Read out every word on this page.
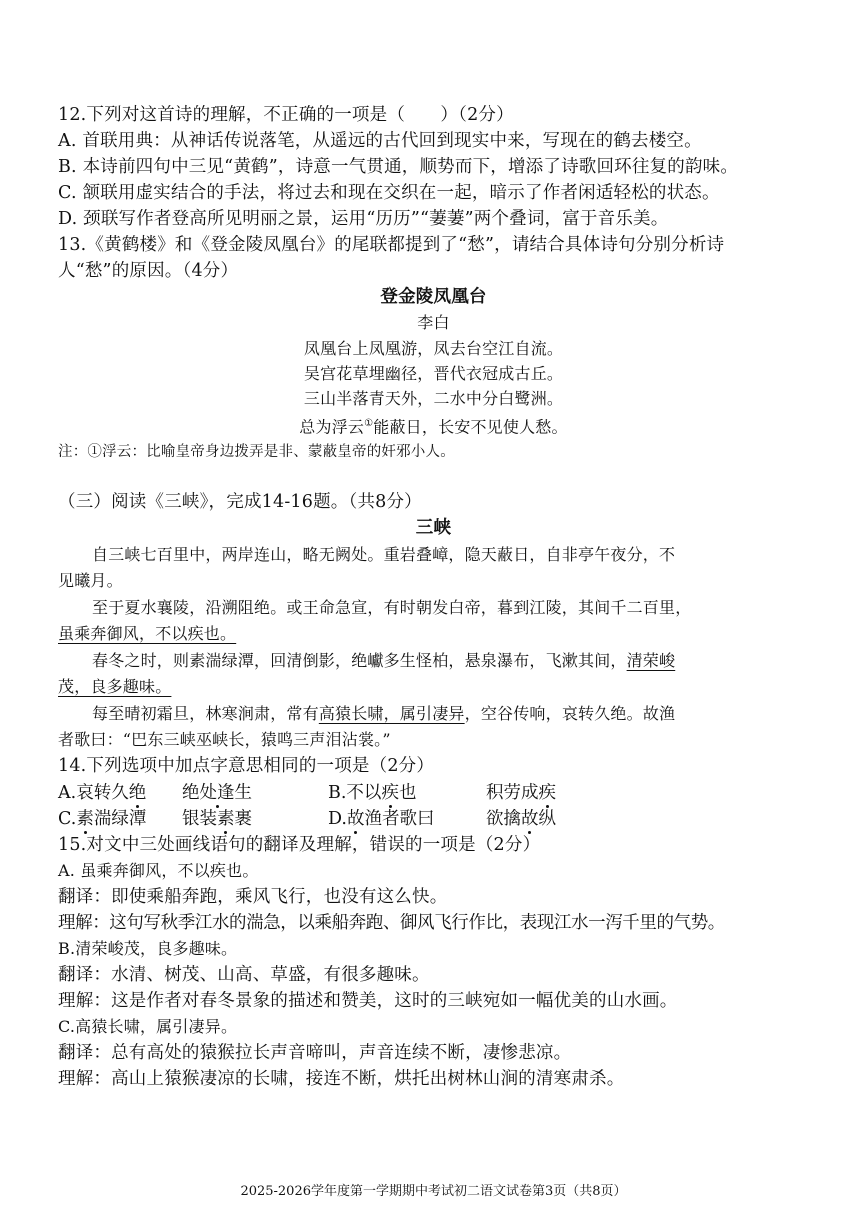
12.下列对这首诗的理解，不正确的一项是（　　）（2分）
A. 首联用典：从神话传说落笔，从遥远的古代回到现实中来，写现在的鹤去楼空。
B. 本诗前四句中三见“黄鹤”，诗意一气贯通，顺势而下，增添了诗歌回环往复的韵味。
C. 颔联用虚实结合的手法，将过去和现在交织在一起，暗示了作者闲适轻松的状态。
D. 颈联写作者登高所见明丽之景，运用“历历”“萋萋”两个叠词，富于音乐美。
13.《黄鹤楼》和《登金陵凤凰台》的尾联都提到了“愁”，请结合具体诗句分别分析诗
人“愁”的原因。（4分）
登金陵凤凰台
李白
凤凰台上凤凰游，凤去台空江自流。
吴宫花草埋幽径，晋代衣冠成古丘。
三山半落青天外，二水中分白鹭洲。
总为浮云①能蔽日，长安不见使人愁。
注：①浮云：比喻皇帝身边拨弄是非、蒙蔽皇帝的奸邪小人。
（三）阅读《三峡》，完成14-16题。（共8分）
三峡
自三峡七百里中，两岸连山，略无阙处。重岩叠嶂，隐天蔽日，自非亭午夜分，不
见曦月。
至于夏水襄陵，沿溯阻绝。或王命急宣，有时朝发白帝，暮到江陵，其间千二百里，
虽乘奔御风，不以疾也。
春冬之时，则素湍绿潭，回清倒影，绝巘多生怪柏，悬泉瀑布，飞漱其间，清荣峻
茂，良多趣味。
每至晴初霜旦，林寒涧肃，常有高猿长啸，属引凄异，空谷传响，哀转久绝。故渔
者歌曰：“巴东三峡巫峡长，猿鸣三声泪沾裳。”
14.下列选项中加点字意思相同的一项是（2分）
A.哀转久绝 绝处逢生	B.不以疾也	积劳成疾
C.素湍绿潭 银装素裹	D.故渔者歌曰	欲擒故纵
15.对文中三处画线语句的翻译及理解，错误的一项是（2分）
A. 虽乘奔御风，不以疾也。
翻译：即使乘船奔跑，乘风飞行，也没有这么快。
理解：这句写秋季江水的湍急，以乘船奔跑、御风飞行作比，表现江水一泻千里的气势。
B.清荣峻茂，良多趣味。
翻译：水清、树茂、山高、草盛，有很多趣味。
理解：这是作者对春冬景象的描述和赞美，这时的三峡宛如一幅优美的山水画。
C.高猿长啸，属引凄异。
翻译：总有高处的猿猴拉长声音啼叫，声音连续不断，凄惨悲凉。
理解：高山上猿猴凄凉的长啸，接连不断，烘托出树林山涧的清寒肃杀。
2025-2026学年度第一学期期中考试初二语文试卷第3页（共8页）
